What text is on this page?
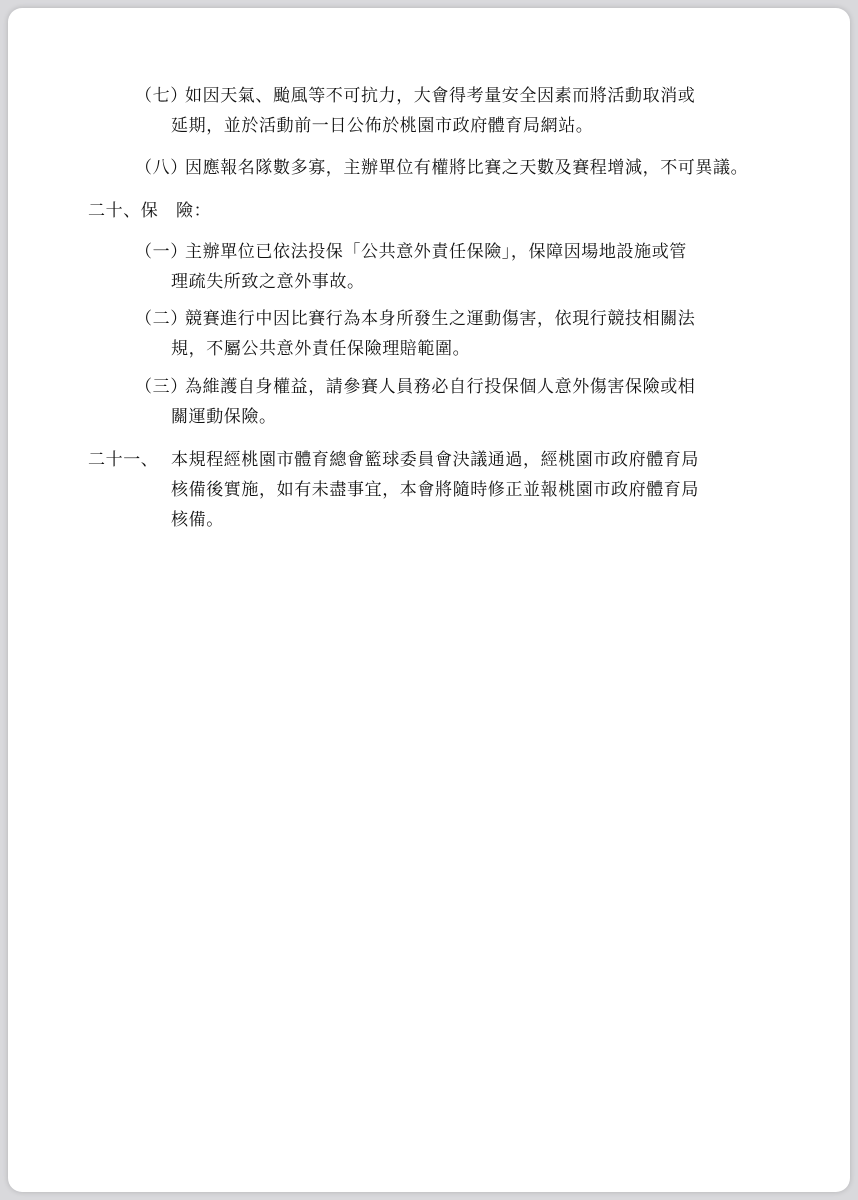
（七）
如因天氣、颱風等不可抗力，大會得考量安全因素而將活動取消或
延期，並於活動前一日公佈於桃園市政府體育局網站。
（八）
因應報名隊數多寡，主辦單位有權將比賽之天數及賽程增減，不可異議。
二十、保　險：
（一）
主辦單位已依法投保「公共意外責任保險」，保障因場地設施或管
理疏失所致之意外事故。
（二）
競賽進行中因比賽行為本身所發生之運動傷害，依現行競技相關法
規，不屬公共意外責任保險理賠範圍。
（三）
為維護自身權益，請參賽人員務必自行投保個人意外傷害保險或相
關運動保險。
二十一、 本規程經桃園市體育總會籃球委員會決議通過，經桃園市政府體育局
核備後實施，如有未盡事宜，本會將隨時修正並報桃園市政府體育局
核備。
